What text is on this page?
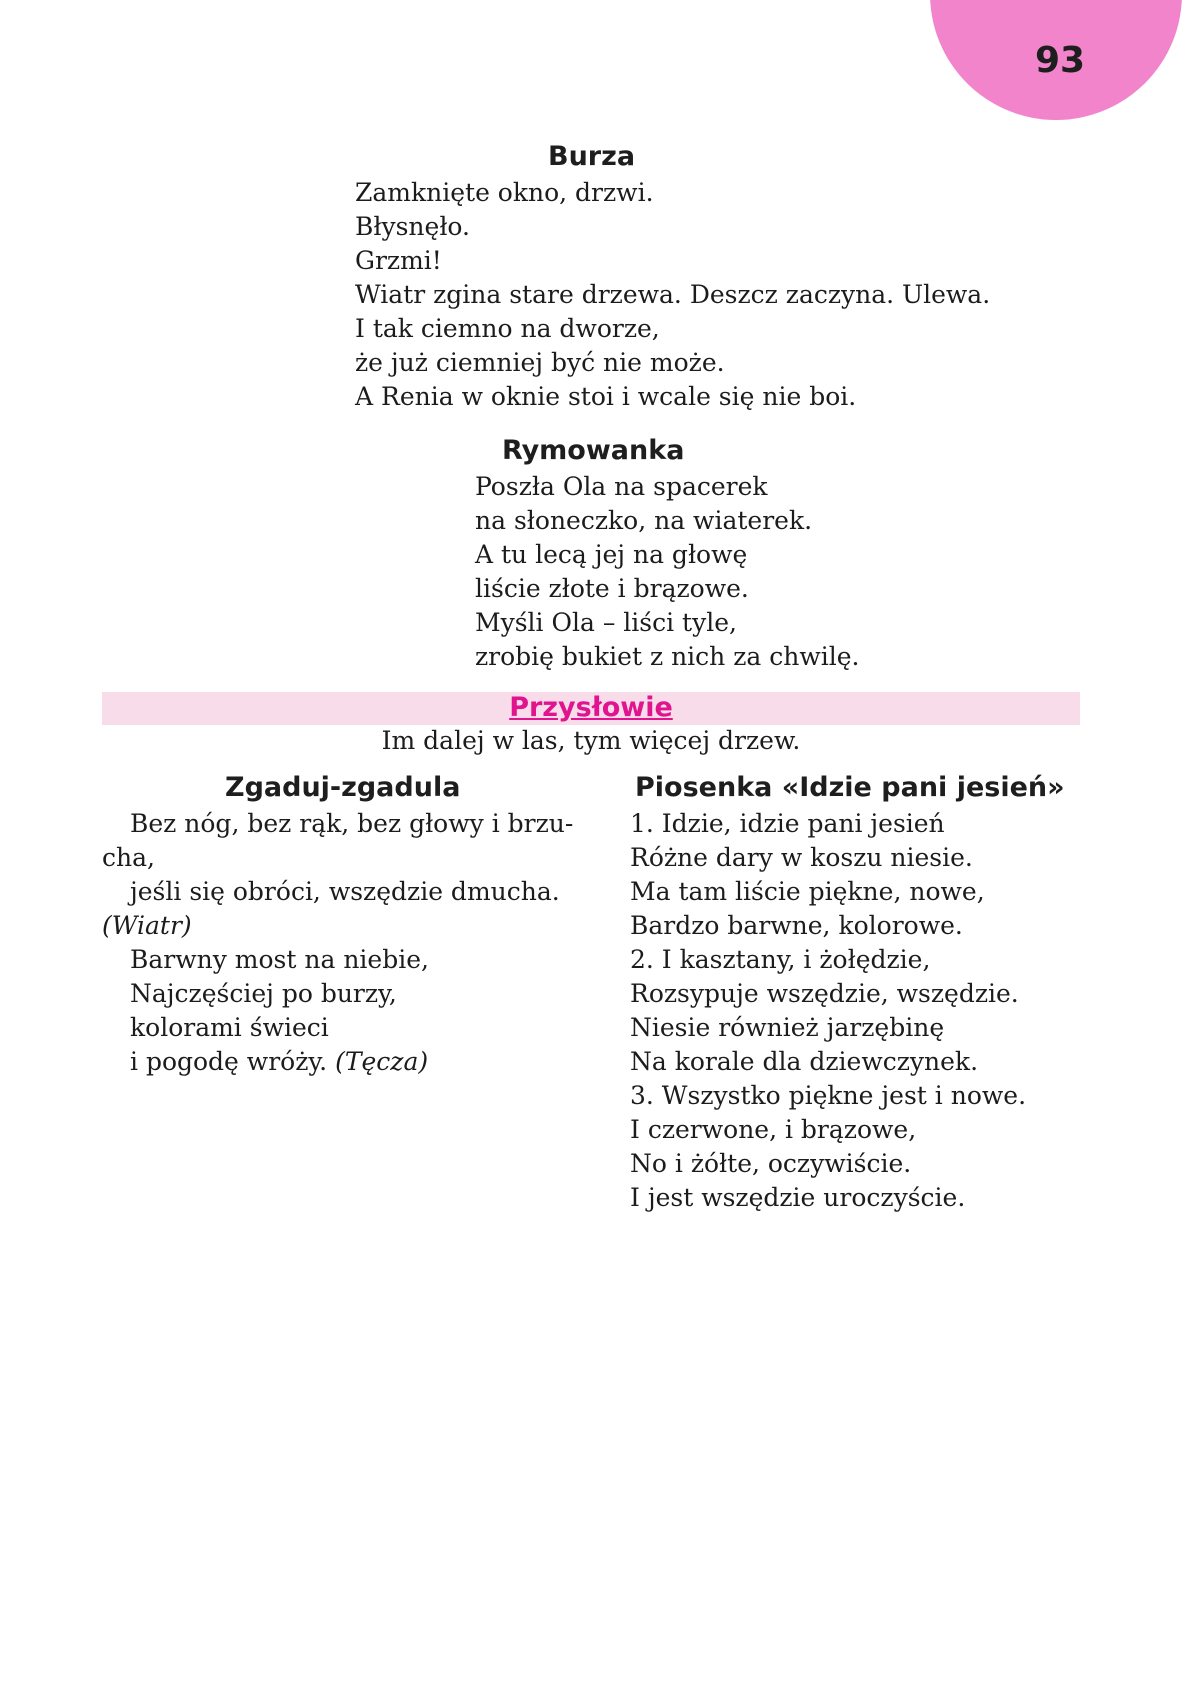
93
Burza
Zamknięte okno, drzwi.
Błysnęło.
Grzmi!
Wiatr zgina stare drzewa. Deszcz zaczyna. Ulewa.
I tak ciemno na dworze,
że już ciemniej być nie może.
A Renia w oknie stoi i wcale się nie boi.
Rymowanka
Poszła Ola na spacerek
na słoneczko, na wiaterek.
A tu lecą jej na głowę
liście złote i brązowe.
Myśli Ola – liści tyle,
zrobię bukiet z nich za chwilę.
Przysłowie

Im dalej w las, tym więcej drzew.

Zgaduj-zgadula
Bez nóg, bez rąk, bez głowy i brzu-
cha,
jeśli się obróci, wszędzie dmucha.
(Wiatr)
Barwny most na niebie,
Najczęściej po burzy,
kolorami świeci
i pogodę wróży. (Tęcza)
Piosenka «Idzie pani jesień»
1. Idzie, idzie pani jesień
Różne dary w koszu niesie.
Ma tam liście piękne, nowe,
Bardzo barwne, kolorowe.
2. I kasztany, i żołędzie,
Rozsypuje wszędzie, wszędzie.
Niesie również jarzębinę
Na korale dla dziewczynek.
3. Wszystko piękne jest i nowe.
I czerwone, i brązowe,
No i żółte, oczywiście.
I jest wszędzie uroczyście.
